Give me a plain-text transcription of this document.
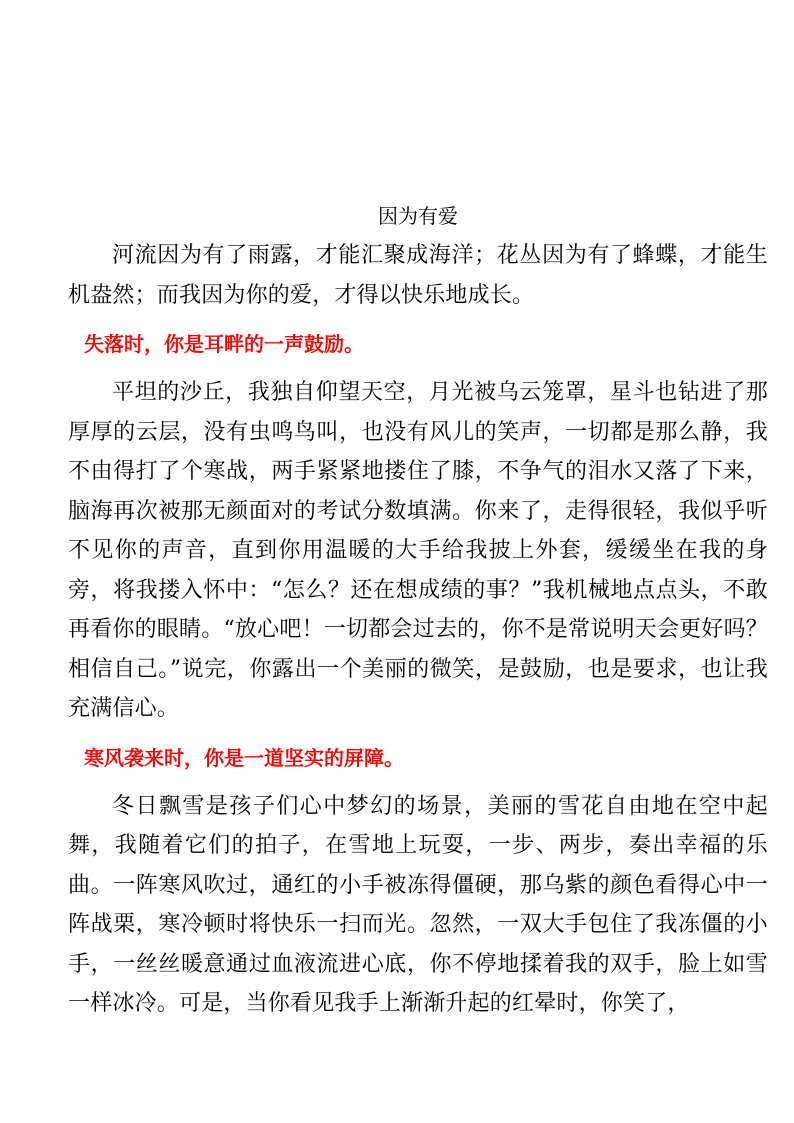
因为有爱

河流因为有了雨露，才能汇聚成海洋；花丛因为有了蜂蝶，才能生机盎然；而我因为你的爱，才得以快乐地成长。

失落时，你是耳畔的一声鼓励。

平坦的沙丘，我独自仰望天空，月光被乌云笼罩，星斗也钻进了那厚厚的云层，没有虫鸣鸟叫，也没有风儿的笑声，一切都是那么静，我不由得打了个寒战，两手紧紧地搂住了膝，不争气的泪水又落了下来，脑海再次被那无颜面对的考试分数填满。你来了，走得很轻，我似乎听不见你的声音，直到你用温暖的大手给我披上外套，缓缓坐在我的身旁，将我搂入怀中：“怎么？还在想成绩的事？”我机械地点点头，不敢再看你的眼睛。“放心吧！一切都会过去的，你不是常说明天会更好吗？相信自己。”说完，你露出一个美丽的微笑，是鼓励，也是要求，也让我充满信心。

寒风袭来时，你是一道坚实的屏障。

冬日飘雪是孩子们心中梦幻的场景，美丽的雪花自由地在空中起舞，我随着它们的拍子，在雪地上玩耍，一步、两步，奏出幸福的乐曲。一阵寒风吹过，通红的小手被冻得僵硬，那乌紫的颜色看得心中一阵战栗，寒冷顿时将快乐一扫而光。忽然，一双大手包住了我冻僵的小手，一丝丝暖意通过血液流进心底，你不停地揉着我的双手，脸上如雪一样冰冷。可是，当你看见我手上渐渐升起的红晕时，你笑了，
